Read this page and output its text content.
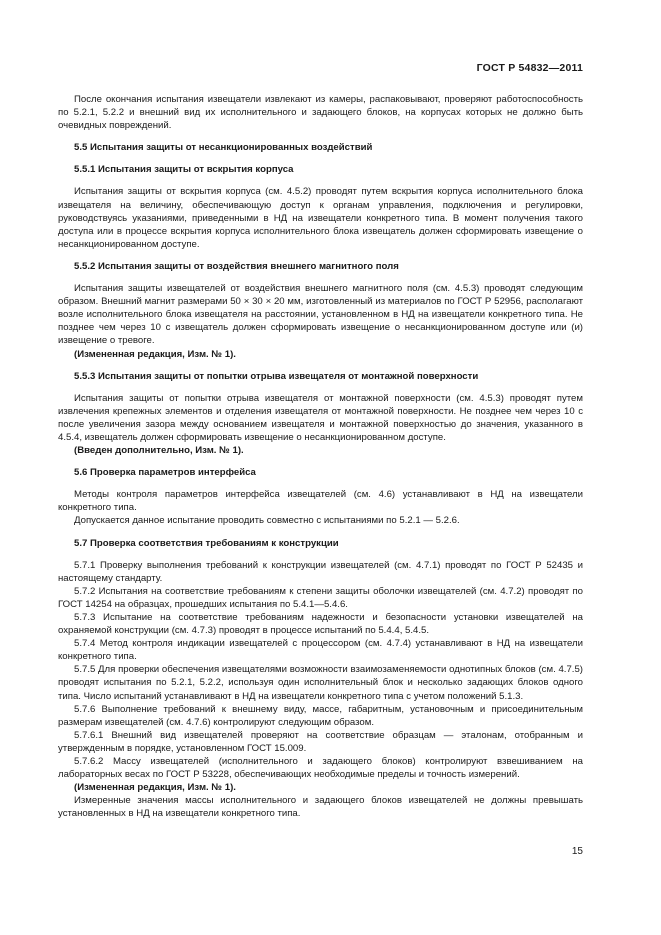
ГОСТ Р 54832—2011

После окончания испытания извещатели извлекают из камеры, распаковывают, проверяют работоспособность по 5.2.1, 5.2.2 и внешний вид их исполнительного и задающего блоков, на корпусах которых не должно быть очевидных повреждений.

5.5 Испытания защиты от несанкционированных воздействий
5.5.1 Испытания защиты от вскрытия корпуса

Испытания защиты от вскрытия корпуса (см. 4.5.2) проводят путем вскрытия корпуса исполнительного блока извещателя на величину, обеспечивающую доступ к органам управления, подключения и регулировки, руководствуясь указаниями, приведенными в НД на извещатели конкретного типа. В момент получения такого доступа или в процессе вскрытия корпуса исполнительного блока извещатель должен сформировать извещение о несанкционированном доступе.

5.5.2 Испытания защиты от воздействия внешнего магнитного поля

Испытания защиты извещателей от воздействия внешнего магнитного поля (см. 4.5.3) проводят следующим образом. Внешний магнит размерами 50 × 30 × 20 мм, изготовленный из материалов по ГОСТ Р 52956, располагают возле исполнительного блока извещателя на расстоянии, установленном в НД на извещатели конкретного типа. Не позднее чем через 10 с извещатель должен сформировать извещение о несанкционированном доступе или (и) извещение о тревоге.

(Измененная редакция, Изм. № 1).

5.5.3 Испытания защиты от попытки отрыва извещателя от монтажной поверхности

Испытания защиты от попытки отрыва извещателя от монтажной поверхности (см. 4.5.3) проводят путем извлечения крепежных элементов и отделения извещателя от монтажной поверхности. Не позднее чем через 10 с после увеличения зазора между основанием извещателя и монтажной поверхностью до значения, указанного в 4.5.4, извещатель должен сформировать извещение о несанкционированном доступе.

(Введен дополнительно, Изм. № 1).

5.6 Проверка параметров интерфейса

Методы контроля параметров интерфейса извещателей (см. 4.6) устанавливают в НД на извещатели конкретного типа.

Допускается данное испытание проводить совместно с испытаниями по 5.2.1 — 5.2.6.

5.7 Проверка соответствия требованиям к конструкции

5.7.1 Проверку выполнения требований к конструкции извещателей (см. 4.7.1) проводят по ГОСТ Р 52435 и настоящему стандарту.

5.7.2 Испытания на соответствие требованиям к степени защиты оболочки извещателей (см. 4.7.2) проводят по ГОСТ 14254 на образцах, прошедших испытания по 5.4.1—5.4.6.

5.7.3 Испытание на соответствие требованиям надежности и безопасности установки извещателей на охраняемой конструкции (см. 4.7.3) проводят в процессе испытаний по 5.4.4, 5.4.5.

5.7.4 Метод контроля индикации извещателей с процессором (см. 4.7.4) устанавливают в НД на извещатели конкретного типа.

5.7.5 Для проверки обеспечения извещателями возможности взаимозаменяемости однотипных блоков (см. 4.7.5) проводят испытания по 5.2.1, 5.2.2, используя один исполнительный блок и несколько задающих блоков одного типа. Число испытаний устанавливают в НД на извещатели конкретного типа с учетом положений 5.1.3.

5.7.6 Выполнение требований к внешнему виду, массе, габаритным, установочным и присоединительным размерам извещателей (см. 4.7.6) контролируют следующим образом.

5.7.6.1 Внешний вид извещателей проверяют на соответствие образцам — эталонам, отобранным и утвержденным в порядке, установленном ГОСТ 15.009.

5.7.6.2 Массу извещателей (исполнительного и задающего блоков) контролируют взвешиванием на лабораторных весах по ГОСТ Р 53228, обеспечивающих необходимые пределы и точность измерений.

(Измененная редакция, Изм. № 1).

Измеренные значения массы исполнительного и задающего блоков извещателей не должны превышать установленных в НД на извещатели конкретного типа.

15
